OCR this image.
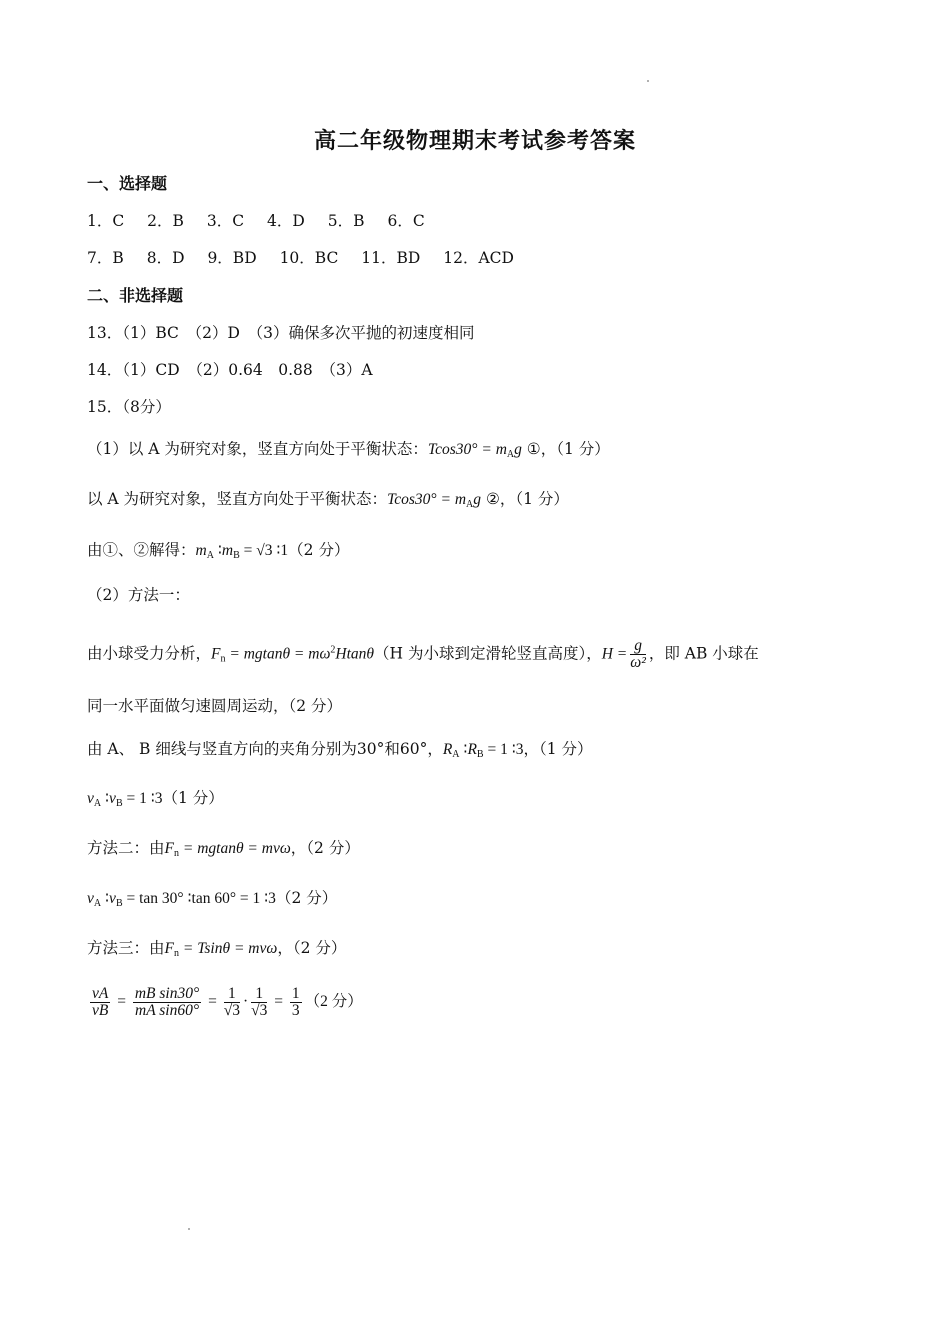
高二年级物理期末考试参考答案
一、选择题
1．C 2．B 3．C 4．D 5．B 6．C
7．B 8．D 9．BD 10．BC 11．BD 12．ACD
二、非选择题
13．（1）BC　（2）D　（3）确保多次平抛的初速度相同
14．（1）CD　（2）0.64　0.88　（3）A
15．（8分）
（1）以 A 为研究对象，竖直方向处于平衡状态：$Tcos30^\circ = m_Ag$ ①，（1 分）
以 A 为研究对象，竖直方向处于平衡状态：$Tcos30^\circ = m_Ag$ ②，（1 分）
由①、②解得：$m_A$ $∶m_B = √3$ ∶1（2 分）
（2）方法一：
由小球受力分析，$F_n = mgtan\theta = m\omega^2Htan\theta(H$ 为小球到定滑轮竖直高度），$H = \frac{g}{\text{ω²}}$ ，即 AB 小球在
同一水平面做匀速圆周运动，（2 分）
由 A、 B 细线与竖直方向的夹角分别为30°和60°，$R_A$ $∶R_B = 1$ ∶3，（1 分）
$v_A$ $∶v_B = 1$ ∶3（1 分）
方法二：由$F_n = mgtan\theta = mv\omega$，（2 分）
$v_A$ $∶v_B = \tan 30^\circ$ ∶tan 60° = 1 ∶3（2 分）
方法三：由$F_n = Tsin\theta = mv\omega$，（2 分）
$\frac{vA}{vB} = \frac{\text{mB sin30°}}{\text{mA sin60°}} = \frac{1}{√3} \cdot \frac{1}{√3} = \frac{1}{3} (2$ 分）
